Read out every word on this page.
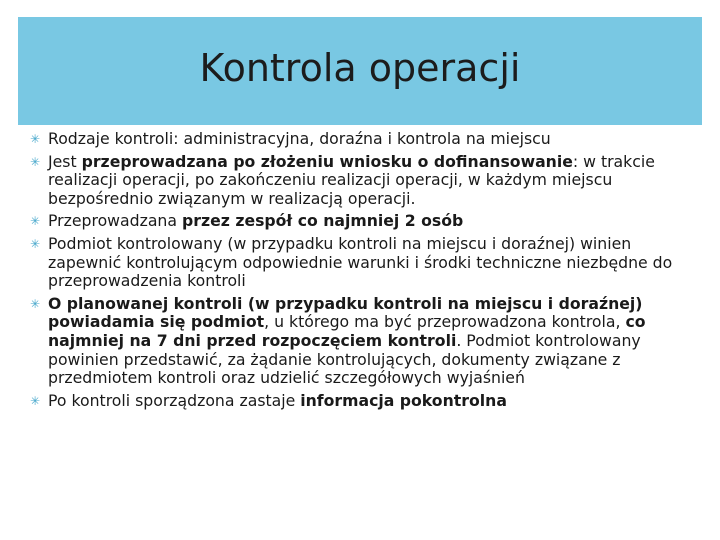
Kontrola operacji
✳ Rodzaje kontroli: administracyjna, doraźna i kontrola na miejscu
✳ Jest przeprowadzana po złożeniu wniosku o dofinansowanie: w trakcie realizacji operacji, po zakończeniu realizacji operacji, w każdym miejscu bezpośrednio związanym w realizacją operacji.
✳ Przeprowadzana przez zespół co najmniej 2 osób
✳ Podmiot kontrolowany (w przypadku kontroli na miejscu i doraźnej) winien zapewnić kontrolującym odpowiednie warunki i środki techniczne niezbędne do przeprowadzenia kontroli
✳ O planowanej kontroli (w przypadku kontroli na miejscu i doraźnej) powiadamia się podmiot, u którego ma być przeprowadzona kontrola, co najmniej na 7 dni przed rozpoczęciem kontroli. Podmiot kontrolowany powinien przedstawić, za żądanie kontrolujących, dokumenty związane z przedmiotem kontroli oraz udzielić szczegółowych wyjaśnień
✳ Po kontroli sporządzona zastaje informacja pokontrolna
